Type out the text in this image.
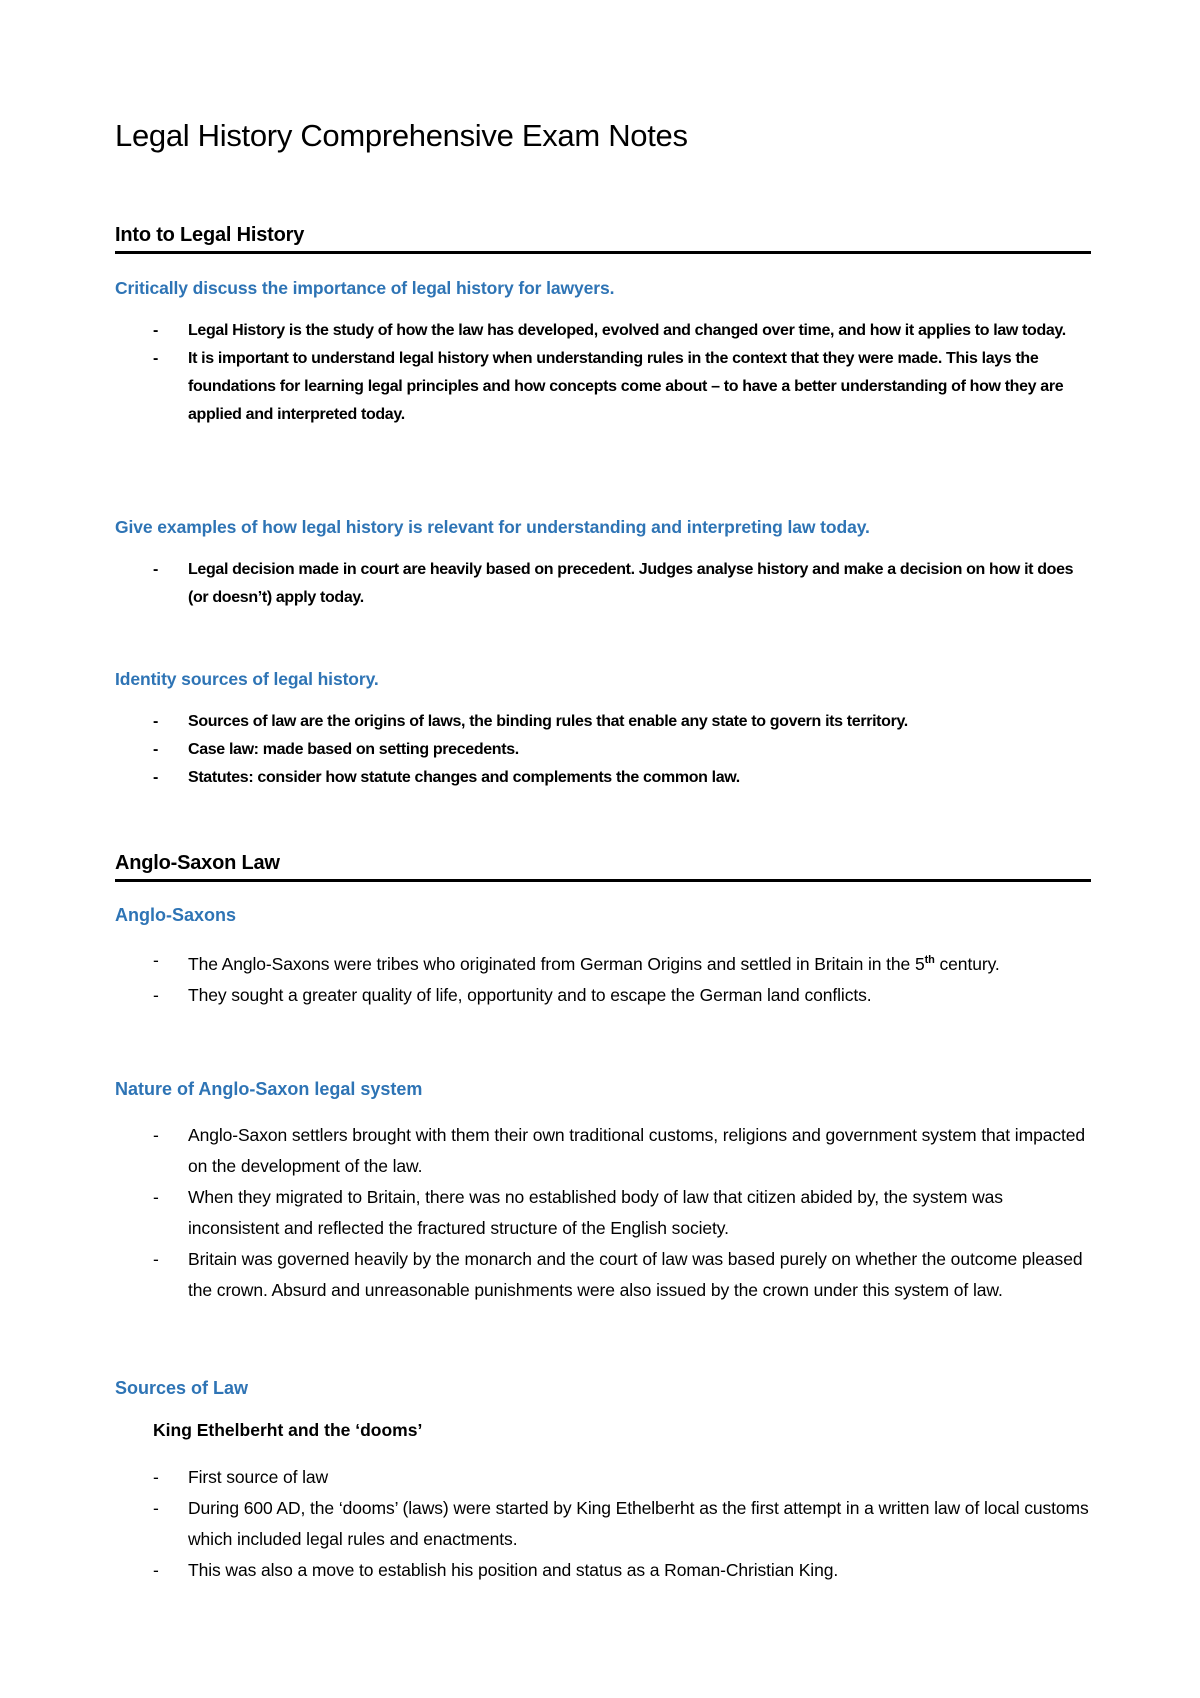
Legal History Comprehensive Exam Notes
Into to Legal History

Critically discuss the importance of legal history for lawyers.

- Legal History is the study of how the law has developed, evolved and changed over time, and how it applies to law today.
- It is important to understand legal history when understanding rules in the context that they were made. This lays the foundations for learning legal principles and how concepts come about – to have a better understanding of how they are applied and interpreted today.

Give examples of how legal history is relevant for understanding and interpreting law today.

- Legal decision made in court are heavily based on precedent. Judges analyse history and make a decision on how it does (or doesn’t) apply today.

Identity sources of legal history.

- Sources of law are the origins of laws, the binding rules that enable any state to govern its territory.
- Case law: made based on setting precedents.
- Statutes: consider how statute changes and complements the common law.
Anglo-Saxon Law

Anglo-Saxons

- The Anglo-Saxons were tribes who originated from German Origins and settled in Britain in the 5th century.
- They sought a greater quality of life, opportunity and to escape the German land conflicts.

Nature of Anglo-Saxon legal system

- Anglo-Saxon settlers brought with them their own traditional customs, religions and government system that impacted on the development of the law.
- When they migrated to Britain, there was no established body of law that citizen abided by, the system was inconsistent and reflected the fractured structure of the English society.
- Britain was governed heavily by the monarch and the court of law was based purely on whether the outcome pleased the crown. Absurd and unreasonable punishments were also issued by the crown under this system of law.

Sources of Law

King Ethelberht and the ‘dooms’

- First source of law
- During 600 AD, the ‘dooms’ (laws) were started by King Ethelberht as the first attempt in a written law of local customs which included legal rules and enactments.
- This was also a move to establish his position and status as a Roman-Christian King.
